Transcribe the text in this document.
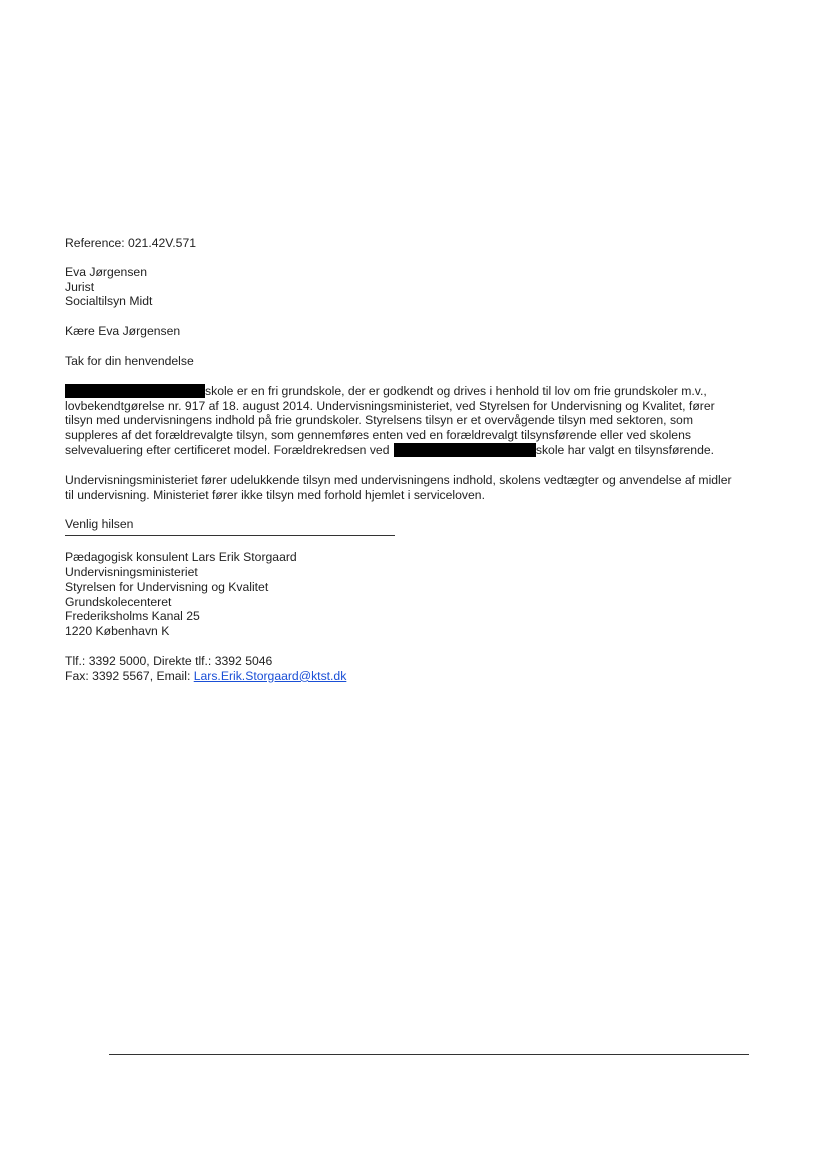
Reference: 021.42V.571

Eva Jørgensen
Jurist
Socialtilsyn Midt

Kære Eva Jørgensen

Tak for din henvendelse

skole er en fri grundskole, der er godkendt og drives i henhold til lov om frie grundskoler m.v., lovbekendtgørelse nr. 917 af 18. august 2014. Undervisningsministeriet, ved Styrelsen for Undervisning og Kvalitet, fører tilsyn med undervisningens indhold på frie grundskoler. Styrelsens tilsyn er et overvågende tilsyn med sektoren, som suppleres af det forældrevalgte tilsyn, som gennemføres enten ved en forældrevalgt tilsynsførende eller ved skolens selvevaluering efter certificeret model. Forældrekredsen ved	skole har valgt en tilsynsførende.

Undervisningsministeriet fører udelukkende tilsyn med undervisningens indhold, skolens vedtægter og anvendelse af midler til undervisning. Ministeriet fører ikke tilsyn med forhold hjemlet i serviceloven.

Venlig hilsen

Pædagogisk konsulent Lars Erik Storgaard
Undervisningsministeriet
Styrelsen for Undervisning og Kvalitet
Grundskolecenteret
Frederiksholms Kanal 25
1220 København K
Tlf.: 3392 5000, Direkte tlf.: 3392 5046
Fax: 3392 5567, Email: Lars.Erik.Storgaard@ktst.dk
